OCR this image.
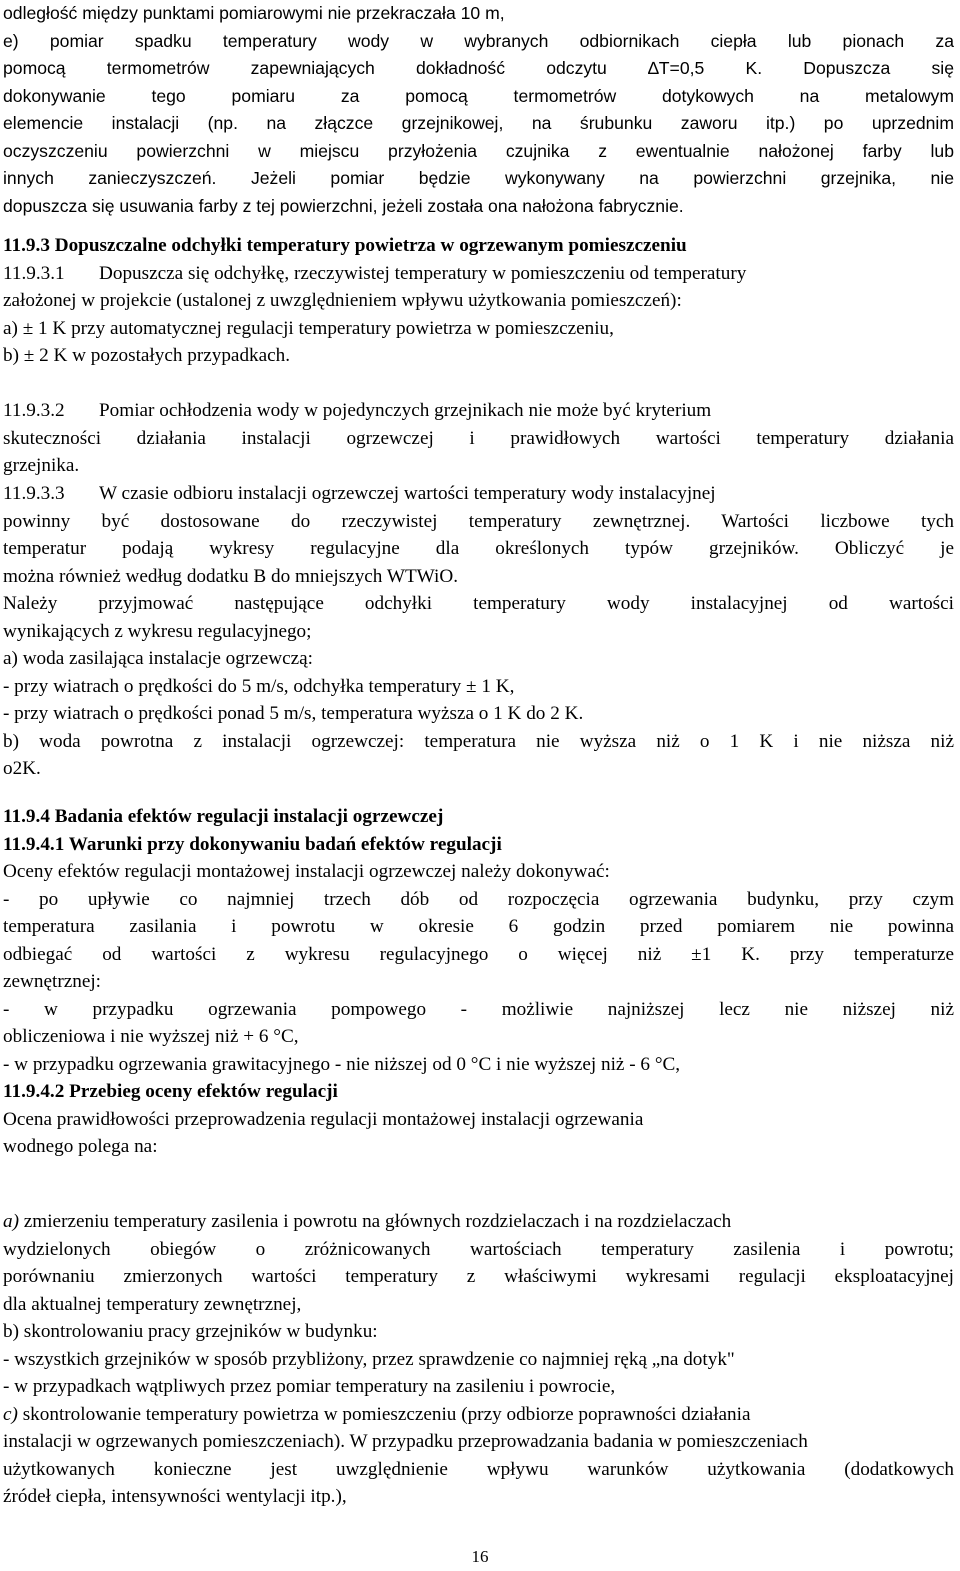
odległość między punktami pomiarowymi nie przekraczała 10 m,

e) pomiar spadku temperatury wody w wybranych odbiornikach ciepła lub pionach za

pomocą termometrów zapewniających dokładność odczytu ∆T=0,5 K. Dopuszcza się

dokonywanie tego pomiaru za pomocą termometrów dotykowych na metalowym

elemencie instalacji (np. na złączce grzejnikowej, na śrubunku zaworu itp.) po uprzednim

oczyszczeniu powierzchni w miejscu przyłożenia czujnika z ewentualnie nałożonej farby lub

innych zanieczyszczeń. Jeżeli pomiar będzie wykonywany na powierzchni grzejnika, nie

dopuszcza się usuwania farby z tej powierzchni, jeżeli została ona nałożona fabrycznie.

11.9.3 Dopuszczalne odchyłki temperatury powietrza w ogrzewanym pomieszczeniu

11.9.3.1 Dopuszcza się odchyłkę, rzeczywistej temperatury w pomieszczeniu od temperatury

założonej w projekcie (ustalonej z uwzględnieniem wpływu użytkowania pomieszczeń):

a) ± 1 K przy automatycznej regulacji temperatury powietrza w pomieszczeniu,

b) ± 2 K w pozostałych przypadkach.

11.9.3.2 Pomiar ochłodzenia wody w pojedynczych grzejnikach nie może być kryterium

skuteczności działania instalacji ogrzewczej i prawidłowych wartości temperatury działania

grzejnika.

11.9.3.3 W czasie odbioru instalacji ogrzewczej wartości temperatury wody instalacyjnej

powinny być dostosowane do rzeczywistej temperatury zewnętrznej. Wartości liczbowe tych

temperatur podają wykresy regulacyjne dla określonych typów grzejników. Obliczyć je

można również według dodatku B do mniejszych WTWiO.

Należy przyjmować następujące odchyłki temperatury wody instalacyjnej od wartości

wynikających z wykresu regulacyjnego;

a) woda zasilająca instalacje ogrzewczą:

- przy wiatrach o prędkości do 5 m/s, odchyłka temperatury ± 1 K,

- przy wiatrach o prędkości ponad 5 m/s, temperatura wyższa o 1 K do 2 K.

b) woda powrotna z instalacji ogrzewczej: temperatura nie wyższa niż o 1 K i nie niższa niż

o2K.

11.9.4 Badania efektów regulacji instalacji ogrzewczej

11.9.4.1 Warunki przy dokonywaniu badań efektów regulacji

Oceny efektów regulacji montażowej instalacji ogrzewczej należy dokonywać:

- po upływie co najmniej trzech dób od rozpoczęcia ogrzewania budynku, przy czym

temperatura zasilania i powrotu w okresie 6 godzin przed pomiarem nie powinna

odbiegać od wartości z wykresu regulacyjnego o więcej niż ±1 K. przy temperaturze

zewnętrznej:

- w przypadku ogrzewania pompowego - możliwie najniższej lecz nie niższej niż

obliczeniowa i nie wyższej niż + 6 °C,

- w przypadku ogrzewania grawitacyjnego - nie niższej od 0 °C i nie wyższej niż - 6 °C,

11.9.4.2 Przebieg oceny efektów regulacji

Ocena prawidłowości przeprowadzenia regulacji montażowej instalacji ogrzewania

wodnego polega na:

a) zmierzeniu temperatury zasilenia i powrotu na głównych rozdzielaczach i na rozdzielaczach

wydzielonych obiegów o zróżnicowanych wartościach temperatury zasilenia i powrotu;

porównaniu zmierzonych wartości temperatury z właściwymi wykresami regulacji eksploatacyjnej

dla aktualnej temperatury zewnętrznej,

b) skontrolowaniu pracy grzejników w budynku:

- wszystkich grzejników w sposób przybliżony, przez sprawdzenie co najmniej ręką „na dotyk"

- w przypadkach wątpliwych przez pomiar temperatury na zasileniu i powrocie,

c) skontrolowanie temperatury powietrza w pomieszczeniu (przy odbiorze poprawności działania

instalacji w ogrzewanych pomieszczeniach). W przypadku przeprowadzania badania w pomieszczeniach

użytkowanych konieczne jest uwzględnienie wpływu warunków użytkowania (dodatkowych

źródeł ciepła, intensywności wentylacji itp.),

16
